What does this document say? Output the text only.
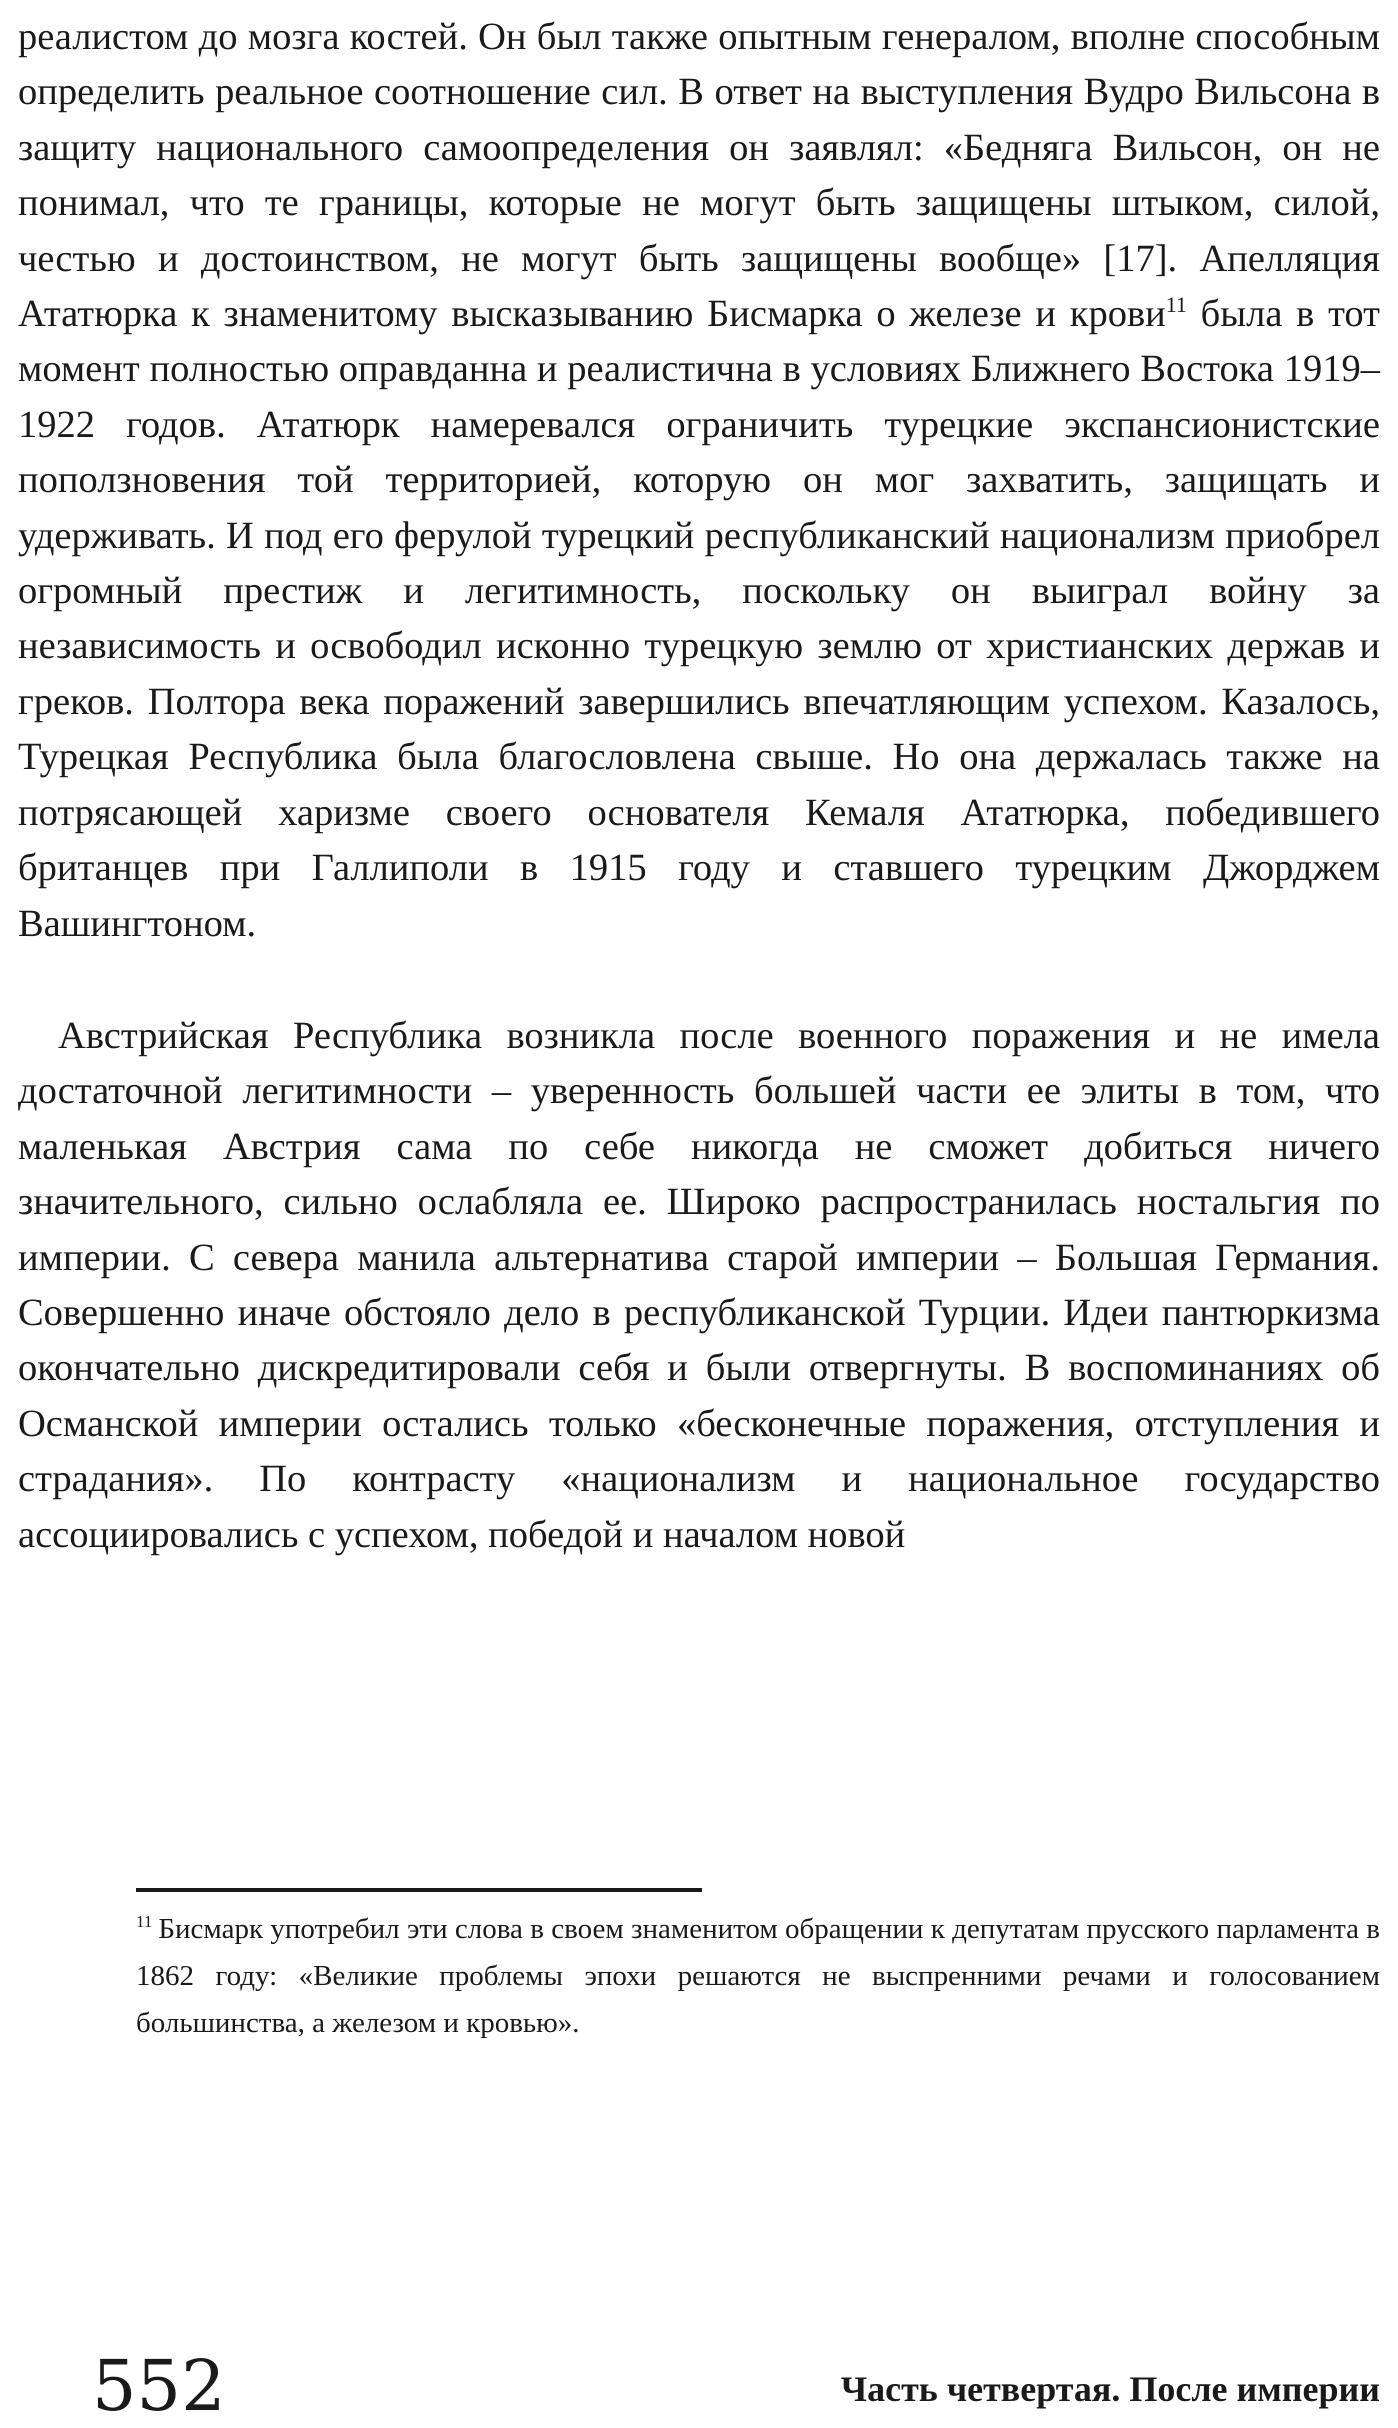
реалистом до мозга костей. Он был также опытным генералом, вполне способным определить реальное соотношение сил. В ответ на выступления Вудро Вильсона в защиту национального самоопределения он заявлял: «Бедняга Вильсон, он не понимал, что те границы, которые не могут быть защищены штыком, силой, честью и достоинством, не могут быть защищены вообще» [17]. Апелляция Ататюрка к знаменитому высказыванию Бисмарка о железе и крови$^{11}$ была в тот момент полностью оправданна и реалистична в условиях Ближнего Востока 1919–1922 годов. Ататюрк намеревался ограничить турецкие экспансионистские поползновения той территорией, которую он мог захватить, защищать и удерживать. И под его ферулой турецкий республиканский национализм приобрел огромный престиж и легитимность, поскольку он выиграл войну за независимость и освободил исконно турецкую землю от христианских держав и греков. Полтора века поражений завершились впечатляющим успехом. Казалось, Турецкая Республика была благословлена свыше. Но она держалась также на потрясающей харизме своего основателя Кемаля Ататюрка, победившего британцев при Галлиполи в 1915 году и ставшего турецким Джорджем Вашингтоном.

Австрийская Республика возникла после военного поражения и не имела достаточной легитимности – уверенность большей части ее элиты в том, что маленькая Австрия сама по себе никогда не сможет добиться ничего значительного, сильно ослабляла ее. Широко распространилась ностальгия по империи. С севера манила альтернатива старой империи – Большая Германия. Совершенно иначе обстояло дело в республиканской Турции. Идеи пантюркизма окончательно дискредитировали себя и были отвергнуты. В воспоминаниях об Османской империи остались только «бесконечные поражения, отступления и страдания». По контрасту «национализм и национальное государство ассоциировались с успехом, победой и началом новой

$^{11}$ Бисмарк употребил эти слова в своем знаменитом обращении к депутатам прусского парламента в 1862 году: «Великие проблемы эпохи решаются не выспренними речами и голосованием большинства, а железом и кровью».

552	Часть четвертая. После империи
